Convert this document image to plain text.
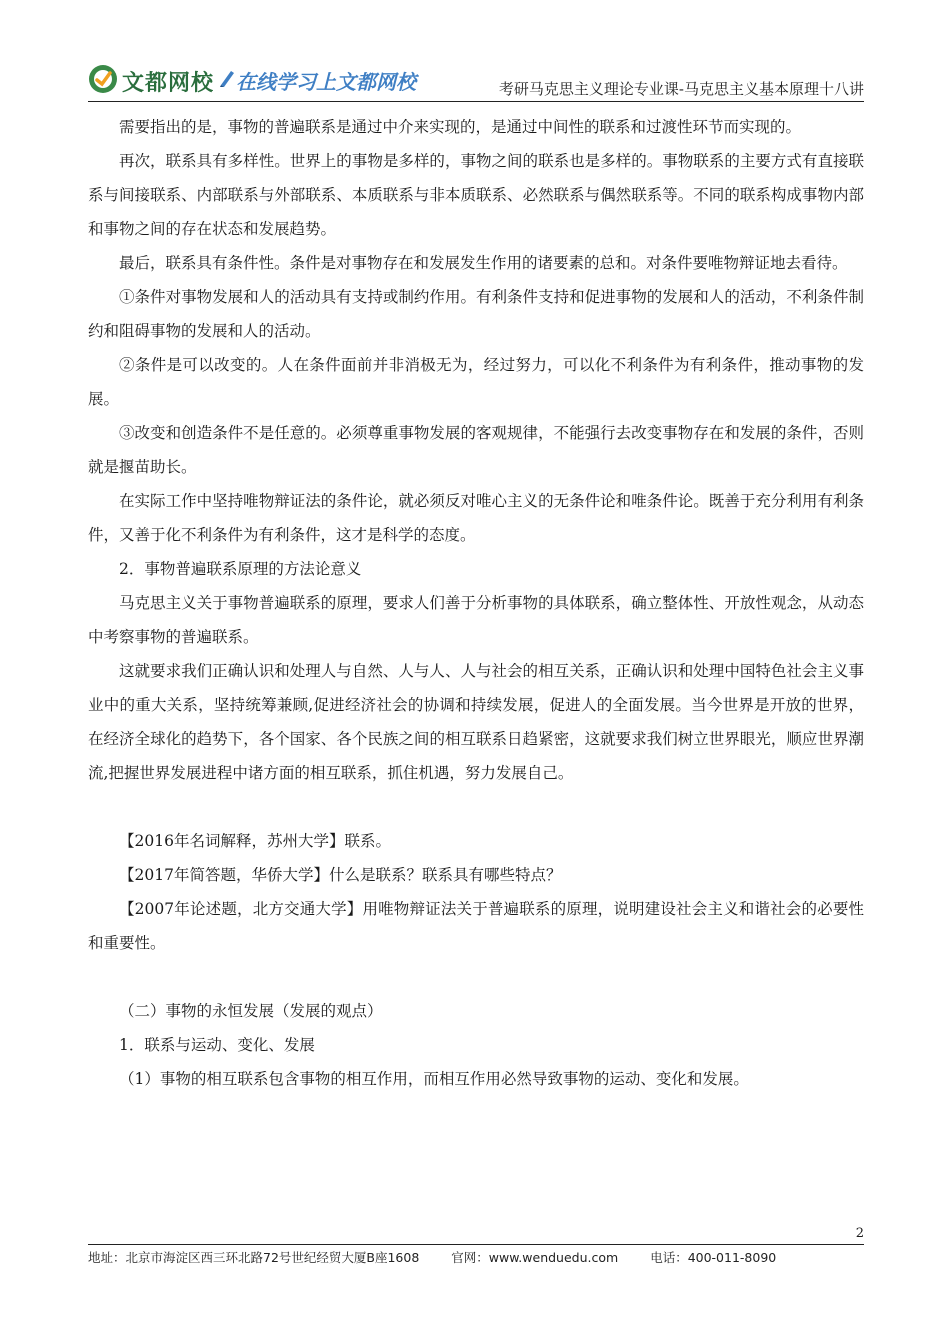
文都网校 在线学习上文都网校	考研马克思主义理论专业课-马克思主义基本原理十八讲

需要指出的是，事物的普遍联系是通过中介来实现的，是通过中间性的联系和过渡性环节而实现的。

再次，联系具有多样性。世界上的事物是多样的，事物之间的联系也是多样的。事物联系的主要方式有直接联系与间接联系、内部联系与外部联系、本质联系与非本质联系、必然联系与偶然联系等。不同的联系构成事物内部和事物之间的存在状态和发展趋势。

最后，联系具有条件性。条件是对事物存在和发展发生作用的诸要素的总和。对条件要唯物辩证地去看待。

①条件对事物发展和人的活动具有支持或制约作用。有利条件支持和促进事物的发展和人的活动，不利条件制约和阻碍事物的发展和人的活动。

②条件是可以改变的。人在条件面前并非消极无为，经过努力，可以化不利条件为有利条件，推动事物的发展。

③改变和创造条件不是任意的。必须尊重事物发展的客观规律，不能强行去改变事物存在和发展的条件，否则就是揠苗助长。

在实际工作中坚持唯物辩证法的条件论，就必须反对唯心主义的无条件论和唯条件论。既善于充分利用有利条件，又善于化不利条件为有利条件，这才是科学的态度。

2．事物普遍联系原理的方法论意义

马克思主义关于事物普遍联系的原理，要求人们善于分析事物的具体联系，确立整体性、开放性观念，从动态中考察事物的普遍联系。

这就要求我们正确认识和处理人与自然、人与人、人与社会的相互关系，正确认识和处理中国特色社会主义事业中的重大关系，坚持统筹兼顾,促进经济社会的协调和持续发展，促进人的全面发展。当今世界是开放的世界，在经济全球化的趋势下，各个国家、各个民族之间的相互联系日趋紧密，这就要求我们树立世界眼光，顺应世界潮流,把握世界发展进程中诸方面的相互联系，抓住机遇，努力发展自己。

【2016年名词解释，苏州大学】联系。

【2017年简答题，华侨大学】什么是联系？联系具有哪些特点？

【2007年论述题，北方交通大学】用唯物辩证法关于普遍联系的原理，说明建设社会主义和谐社会的必要性和重要性。

（二）事物的永恒发展（发展的观点）

1．联系与运动、变化、发展

（1）事物的相互联系包含事物的相互作用，而相互作用必然导致事物的运动、变化和发展。

2
地址：北京市海淀区西三环北路72号世纪经贸大厦B座1608	官网：www.wenduedu.com	电话：400-011-8090
